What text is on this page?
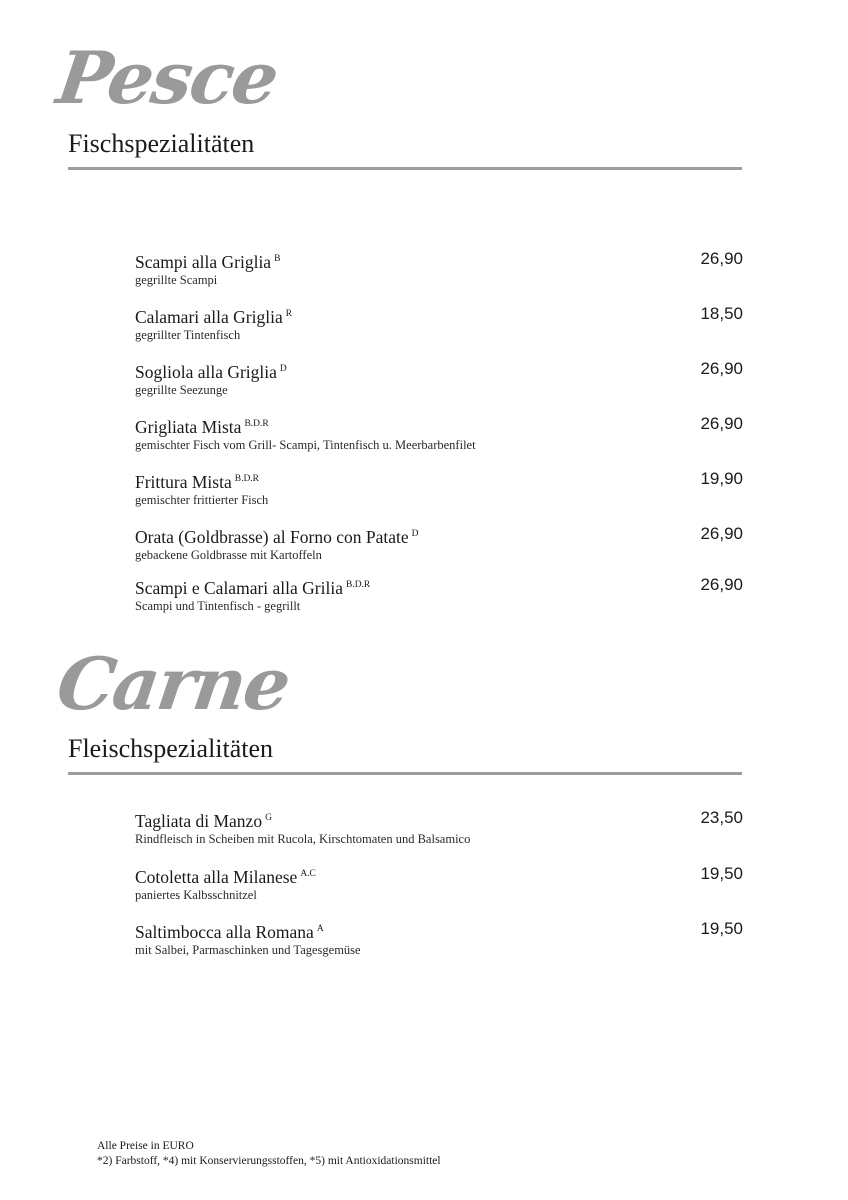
Pesce
Fischspezialitäten
Scampi alla Griglia $^B$
gegrillte Scampi
26,90
Calamari alla Griglia $^R$
gegrillter Tintenfisch
18,50
Sogliola alla Griglia $^D$
gegrillte Seezunge
26,90
Grigliata Mista $^{B.D.R}$
gemischter Fisch vom Grill- Scampi, Tintenfisch u. Meerbarbenfilet
26,90
Frittura Mista $^{B.D.R}$
gemischter frittierter Fisch
19,90
Orata (Goldbrasse) al Forno con Patate $^D$
gebackene Goldbrasse mit Kartoffeln
26,90
Scampi e Calamari alla Grilia $^{B.D.R}$
Scampi und Tintenfisch - gegrillt
26,90
Carne
Fleischspezialitäten
Tagliata di Manzo $^G$
Rindfleisch in Scheiben mit Rucola, Kirschtomaten und Balsamico
23,50
Cotoletta alla Milanese $^{A.C}$
paniertes Kalbsschnitzel
19,50
Saltimbocca alla Romana $^A$
mit Salbei, Parmaschinken und Tagesgemüse
19,50
Alle Preise in EURO
*2) Farbstoff, *4) mit Konservierungsstoffen, *5) mit Antioxidationsmittel
